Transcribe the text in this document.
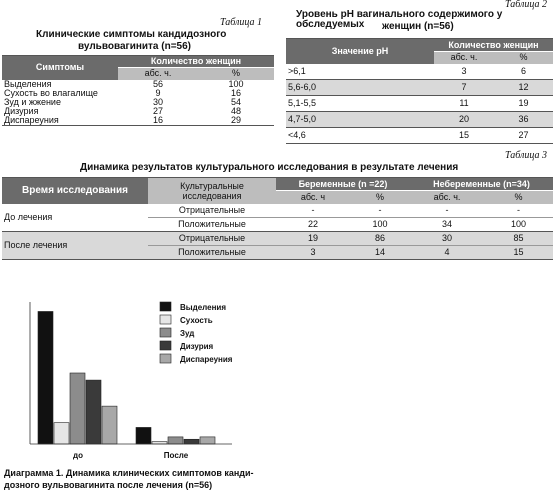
Таблица 1
Клинические симптомы кандидозного
вульвовагинита (n=56)
Симптомы	Количество женщин	
	абс. ч.	%
Выделения	56	100
Сухость во влагалище	9	16
Зуд и жжение	30	54
Дизурия	27	48
Диспареуния	16	29
Таблица 2
Уровень pH вагинального содержимого у обследуемых	женщин (n=56)
Значение pH	Количество женщин	
	абс. ч.	%
>6,1	3	6
5,6-6,0	7	12
5,1-5,5	11	19
4,7-5,0	20	36
<4,6	15	27
Таблица 3
Динамика результатов культурального исследования в результате лечения
Время исследования	Культуральные
исследования	Беременные (n =22)		Небеременные (n=34)	
		абс. ч	%	абс. ч.	%
До лечения	Отрицательные	-	-	-	-
	Положительные	22	100	34	100
После лечения	Отрицательные	19	86	30	85
	Положительные	3	14	4	15
до	После
Выделения
Сухость
Зуд
Дизурия
Диспареуния
Диаграмма 1. Динамика клинических симптомов канди-
дозного вульвовагинита после лечения (n=56)
